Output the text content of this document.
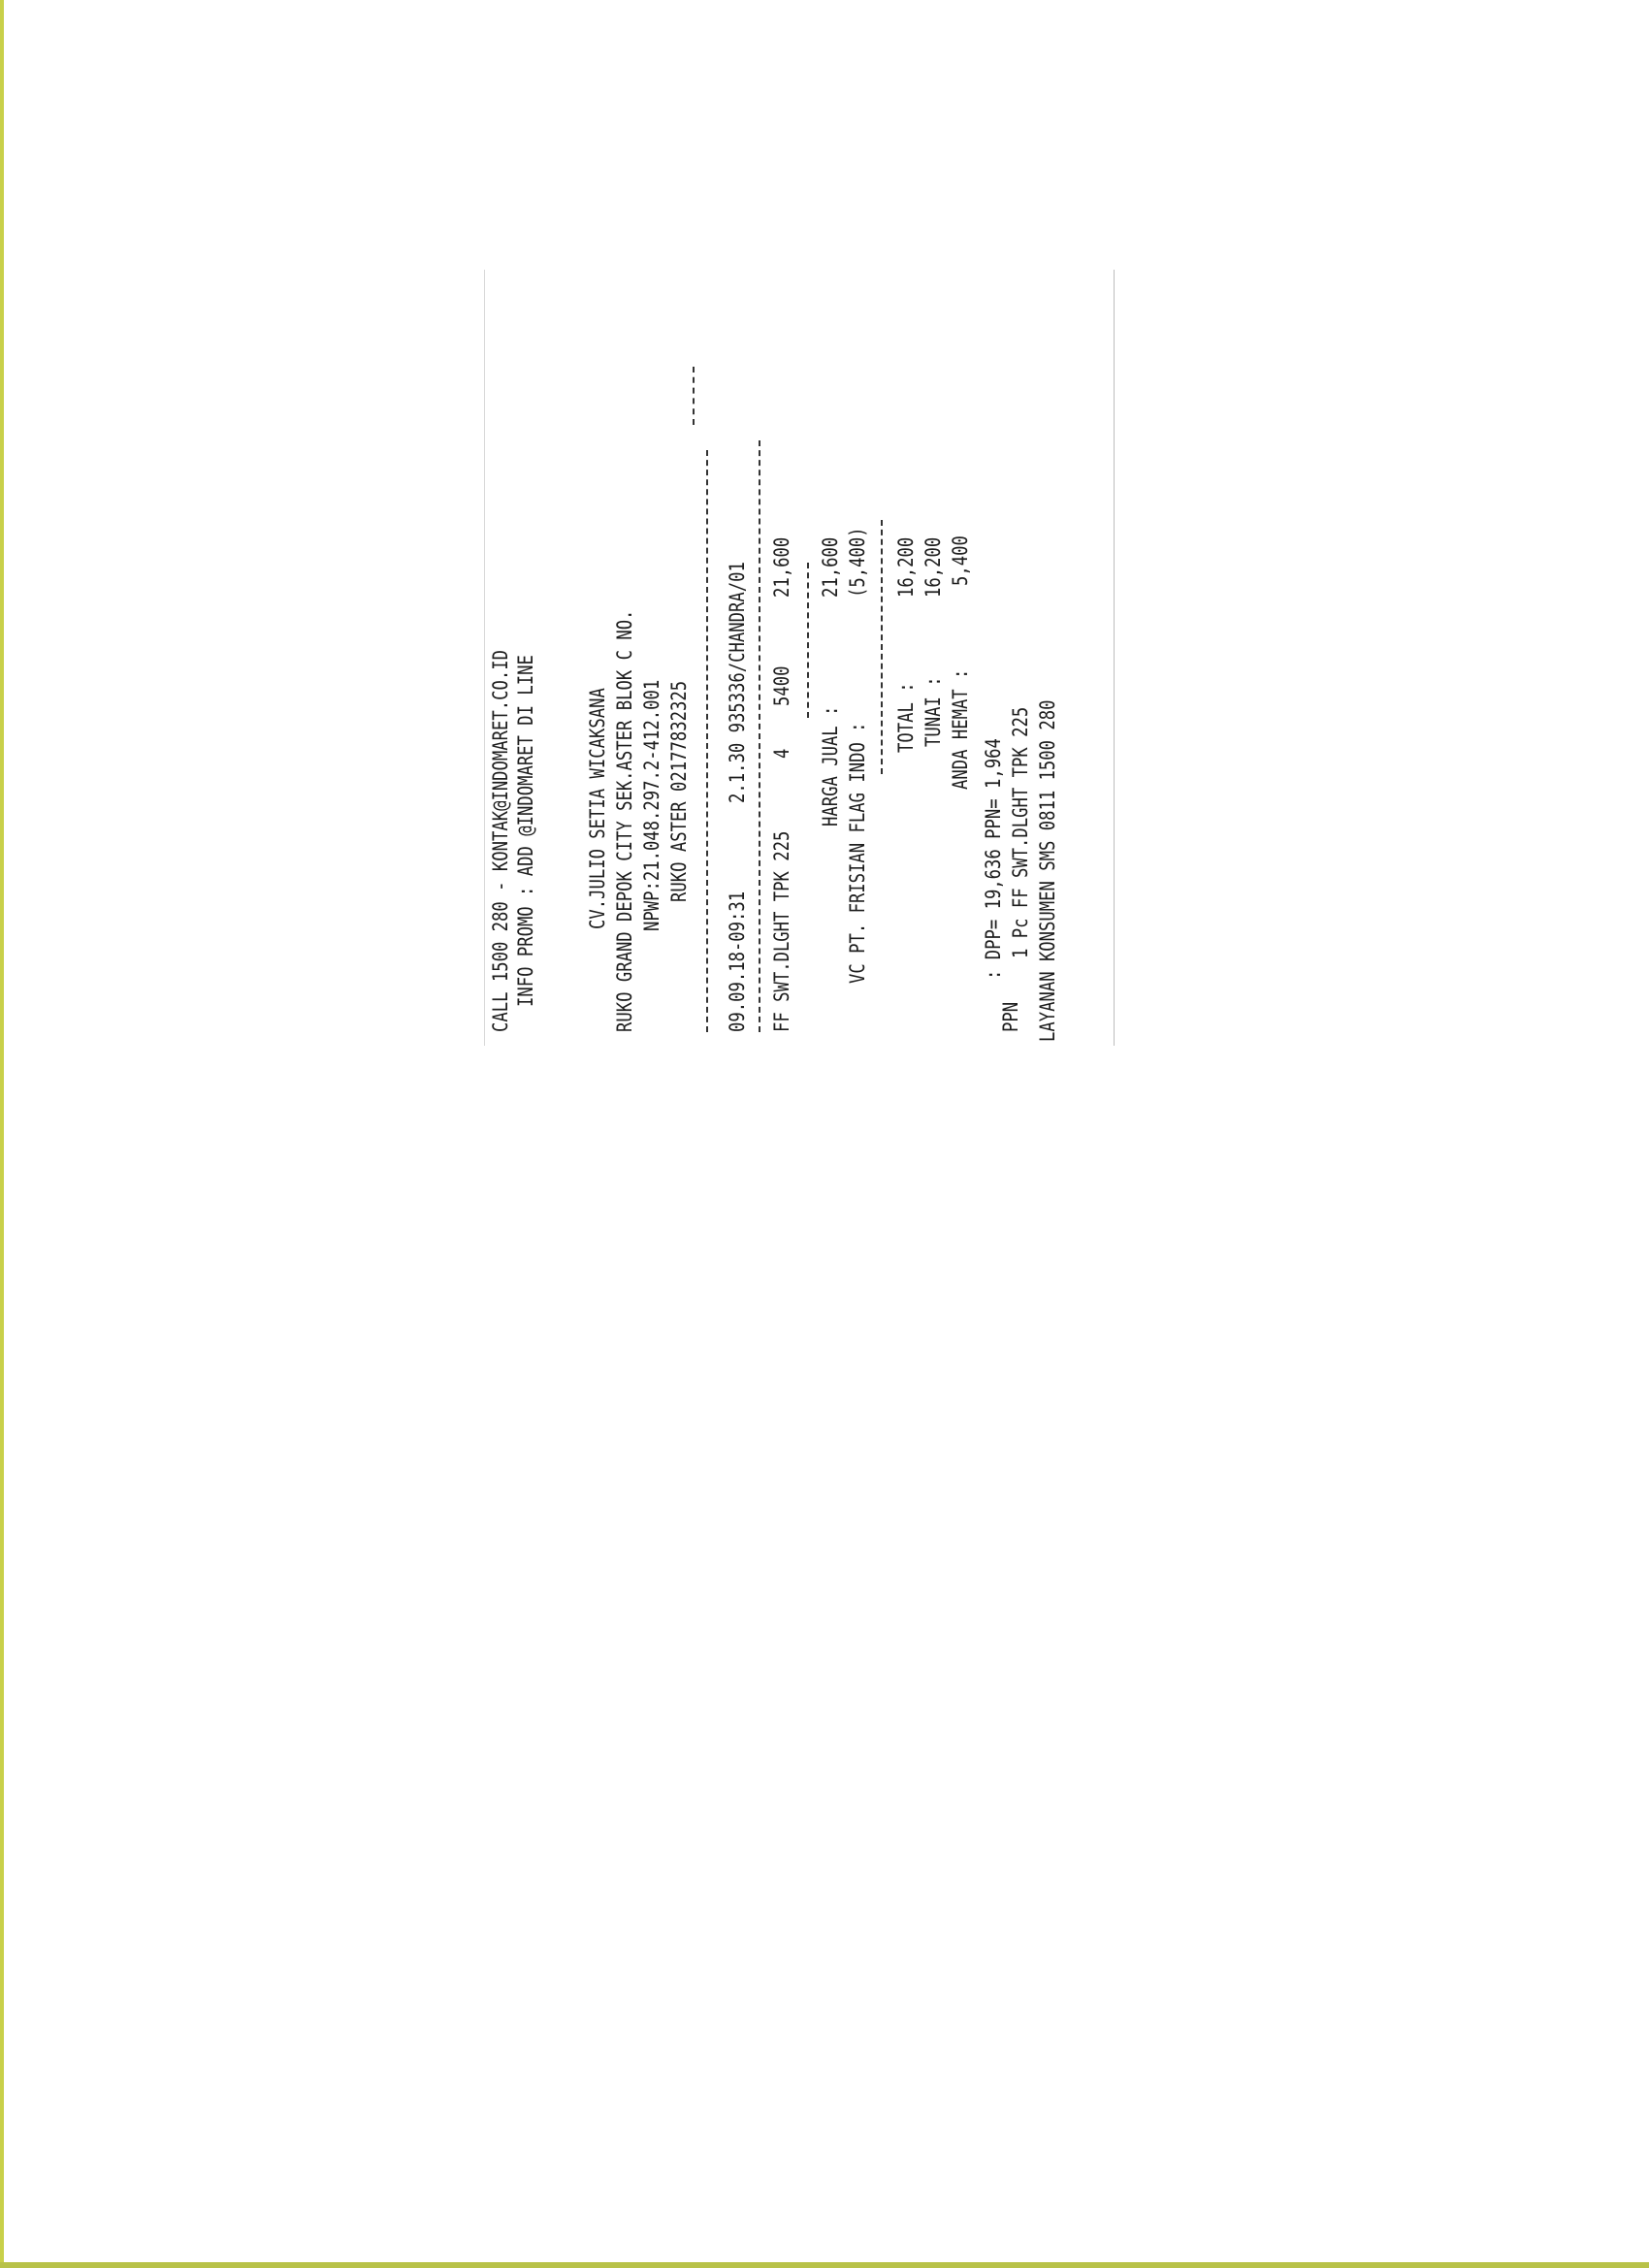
CALL 1500 280 - KONTAK@INDOMARET.CO.ID INFO PROMO : ADD @INDOMARET DI LINE CV.JULIO SETIA WICAKSANA RUKO GRAND DEPOK CITY SEK.ASTER BLOK C NO. NPWP:21.048.297.2-412.001 RUKO ASTER 02177832325
09.09.18-09:31
2.1.30 935336/CHANDRA/01
FF SWT.DLGHT TPK 225
4
5400
21,600
HARGA JUAL :
21,600
VC PT. FRISIAN FLAG INDO :
(5,400)
TOTAL :
16,200
TUNAI :
16,200
ANDA HEMAT :
5,400
PPN
: DPP= 19,636 PPN= 1,964 1 Pc FF SWT.DLGHT TPK 225 LAYANAN KONSUMEN SMS 0811 1500 280
